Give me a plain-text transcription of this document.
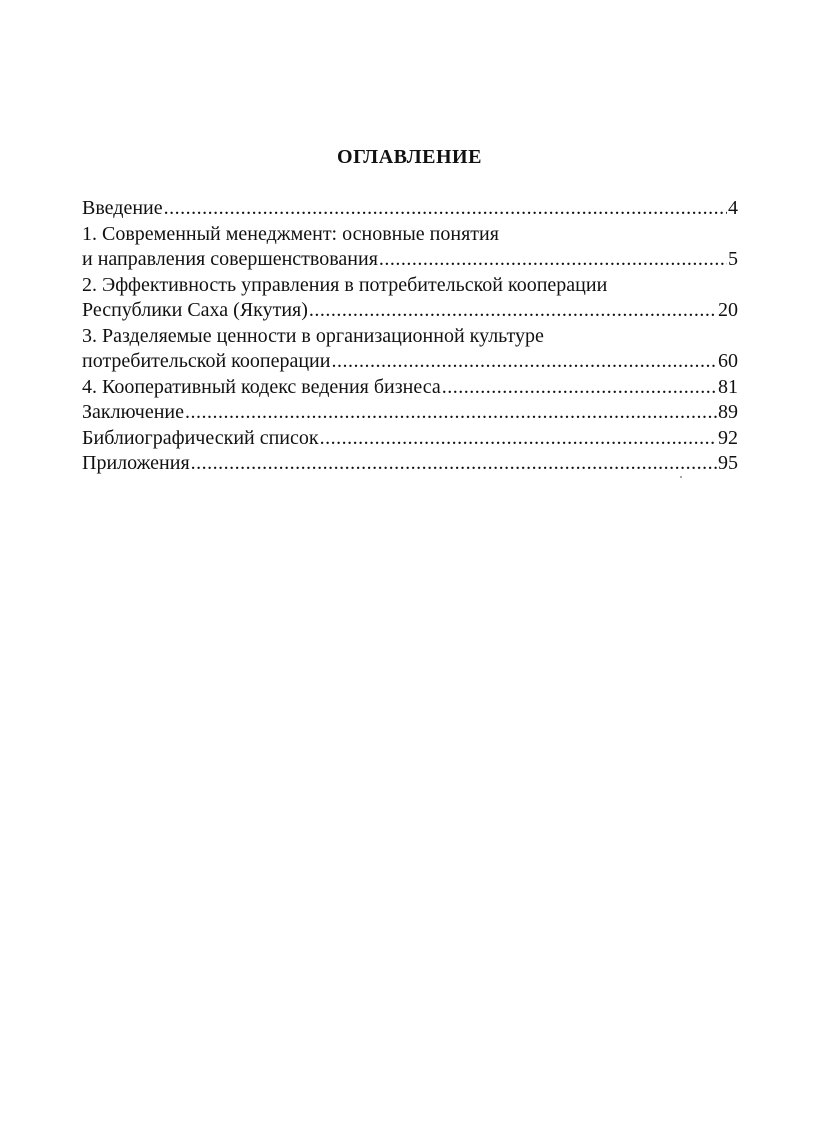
ОГЛАВЛЕНИЕ
Введение .....	4
1. Современный менеджмент: основные понятия
и направления совершенствования .....	5
2. Эффективность управления в потребительской кооперации
Республики Саха (Якутия) .....	20
3. Разделяемые ценности в организационной культуре
потребительской кооперации .....	60
4. Кооперативный кодекс ведения бизнеса .....	81
Заключение .....	89
Библиографический список .....	92
Приложения .....	95
